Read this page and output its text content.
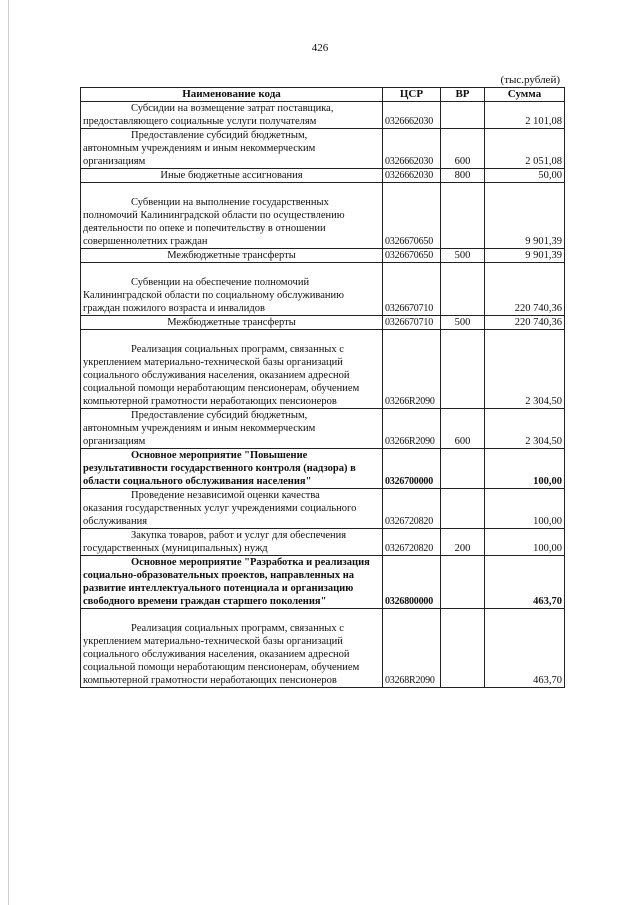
426
(тыс.рублей)
Наименование кода	ЦСР	ВР	Сумма

Субсидии на возмещение затрат поставщика,
предоставляющего социальные услуги получателям	0326662030		2 101,08

Предоставление субсидий бюджетным,
автономным учреждениям и иным некоммерческим организациям	0326662030	600	2 051,08
Иные бюджетные ассигнования	0326662030	800	50,00

Субвенции на выполнение государственных
полномочий Калининградской области по осуществлению деятельности по опеке и попечительству в отношении совершеннолетних граждан	0326670650		9 901,39
Межбюджетные трансферты	0326670650	500	9 901,39

Субвенции на обеспечение полномочий
Калининградской области по социальному обслуживанию граждан пожилого возраста и инвалидов	0326670710		220 740,36
Межбюджетные трансферты	0326670710	500	220 740,36

Реализация социальных программ, связанных с
укреплением материально-технической базы организаций социального обслуживания населения, оказанием адресной социальной помощи неработающим пенсионерам, обучением компьютерной грамотности неработающих пенсионеров	03266R2090		2 304,50

Предоставление субсидий бюджетным,
автономным учреждениям и иным некоммерческим организациям	03266R2090	600	2 304,50

Основное мероприятие "Повышение
результативности государственного контроля (надзора) в области социального обслуживания населения"	0326700000		100,00

Проведение независимой оценки качества
оказания государственных услуг учреждениями социального обслуживания	0326720820		100,00

Закупка товаров, работ и услуг для обеспечения
государственных (муниципальных) нужд	0326720820	200	100,00

Основное мероприятие "Разработка и реализация
социально-образовательных проектов, направленных на развитие интеллектуального потенциала и организацию свободного времени граждан старшего поколения"	0326800000		463,70

Реализация социальных программ, связанных с
укреплением материально-технической базы организаций социального обслуживания населения, оказанием адресной социальной помощи неработающим пенсионерам, обучением компьютерной грамотности неработающих пенсионеров	03268R2090		463,70
